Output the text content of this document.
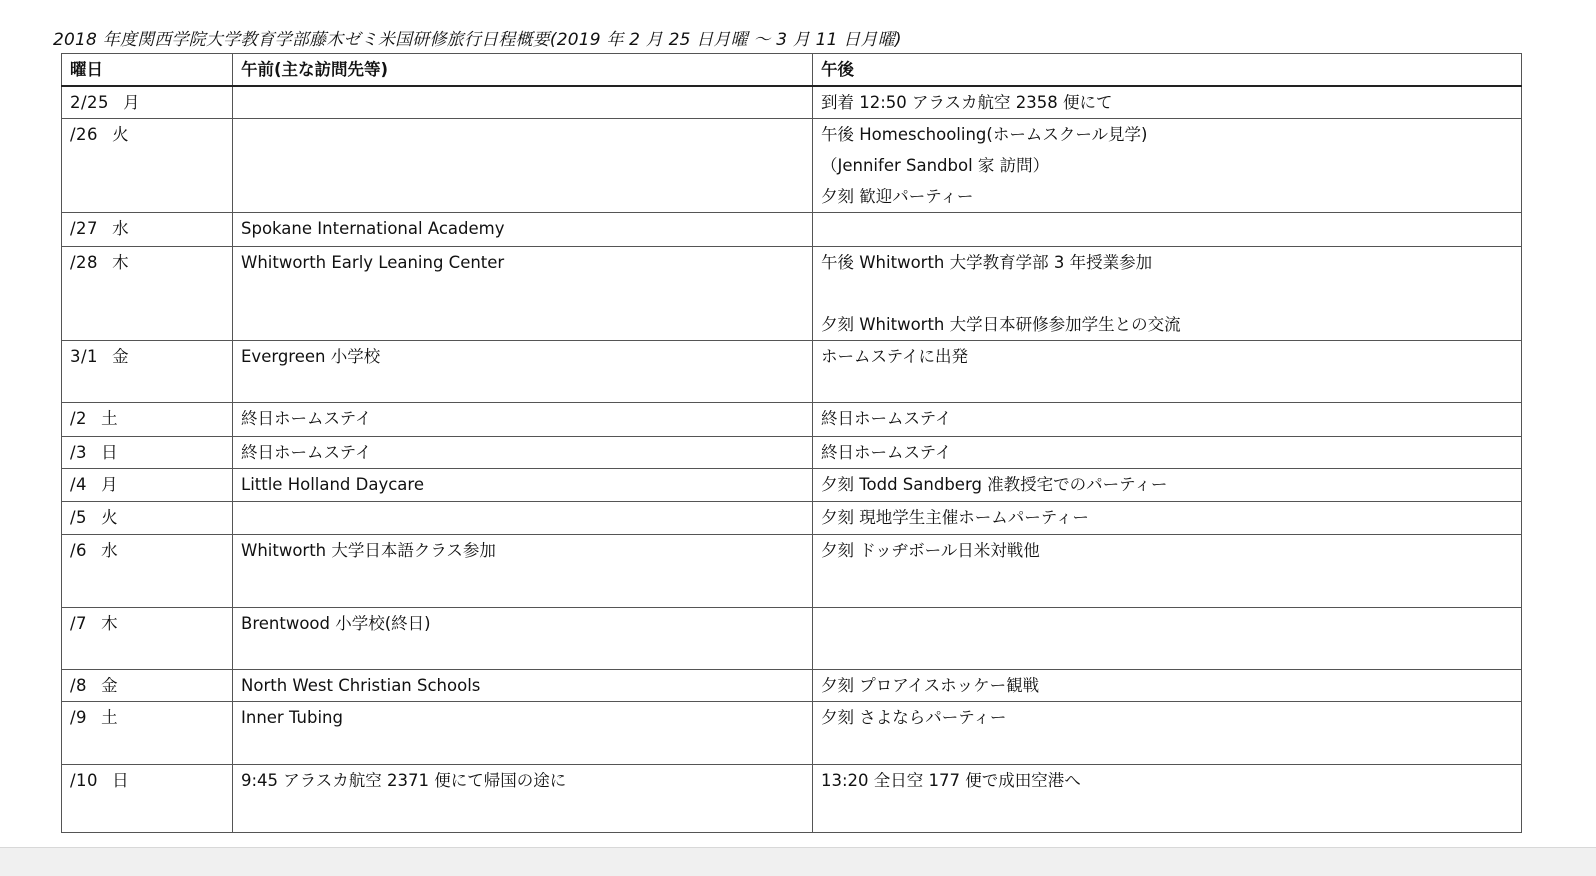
2018 年度関西学院大学教育学部藤木ゼミ米国研修旅行日程概要(2019 年 2 月 25 日月曜 ～ 3 月 11 日月曜)
曜日	午前(主な訪問先等)	午後
2/25 月		到着 12:50 アラスカ航空 2358 便にて

/26 火		午後 Homeschooling(ホームスクール見学)
（Jennifer Sandbol 家 訪問）
夕刻 歓迎パーティー

/27 水	Spokane International Academy	
/28 木	Whitworth Early Leaning Center	午後 Whitworth 大学教育学部 3 年授業参加
夕刻 Whitworth 大学日本研修参加学生との交流

3/1 金	Evergreen 小学校	ホームステイに出発

/2 土	終日ホームステイ	終日ホームステイ

/3 日	終日ホームステイ	終日ホームステイ

/4 月	Little Holland Daycare	夕刻 Todd Sandberg 准教授宅でのパーティー

/5 火		夕刻 現地学生主催ホームパーティー

/6 水	Whitworth 大学日本語クラス参加	夕刻 ドッヂボール日米対戦他

/7 木	Brentwood 小学校(終日)	
/8 金	North West Christian Schools	夕刻 プロアイスホッケー観戦

/9 土	Inner Tubing	夕刻 さよならパーティー

/10 日	9:45 アラスカ航空 2371 便にて帰国の途に	13:20 全日空 177 便で成田空港へ
